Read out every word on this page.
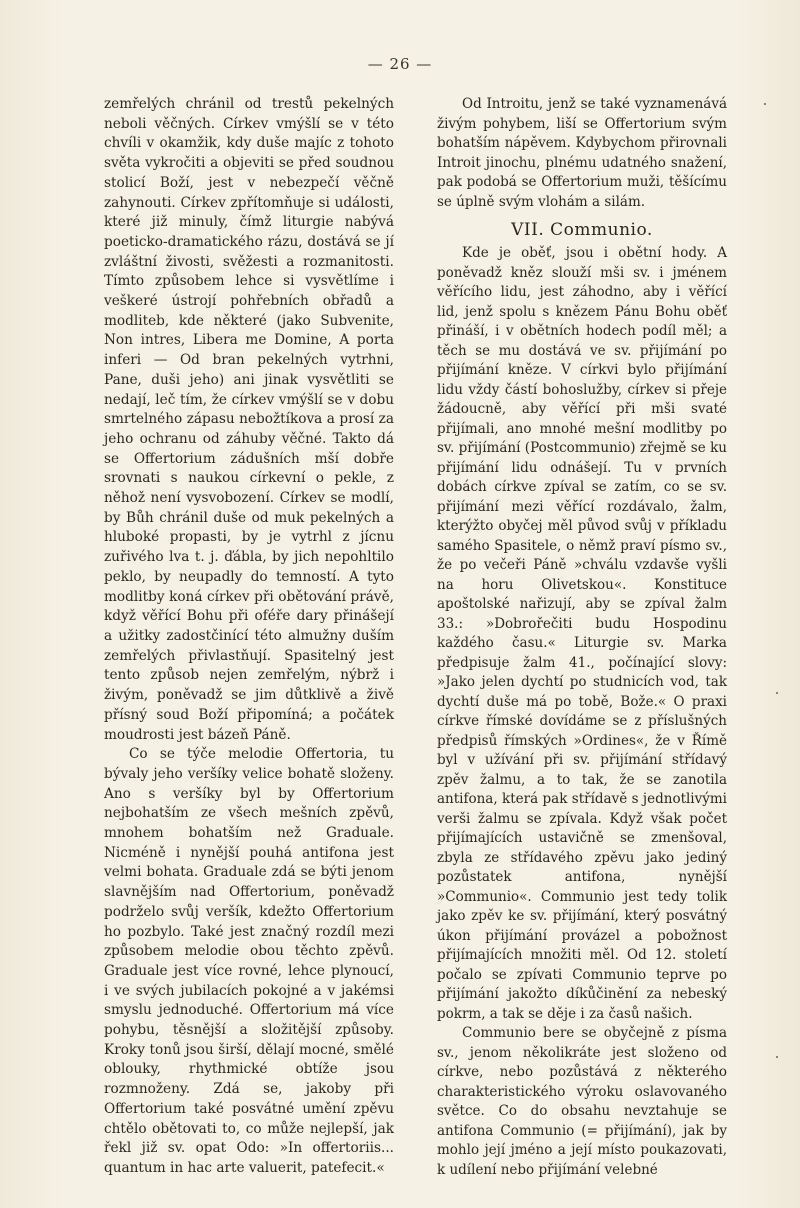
— 26 —

zemřelých chránil od trestů pekelných neboli věčných. Církev vmýšlí se v této chvíli v okamžik, kdy duše majíc z tohoto světa vykročiti a objeviti se před soudnou stolicí Boží, jest v nebezpečí věčně zahynouti. Církev zpřítomňuje si události, které již minuly, čímž liturgie nabývá poeticko-dramatického rázu, dostává se jí zvláštní živosti, svěžesti a rozmanitosti. Tímto způsobem lehce si vysvětlíme i veškeré ústrojí pohřebních obřadů a modliteb, kde některé (jako Subvenite, Non intres, Libera me Domine, A porta inferi — Od bran pekelných vytrhni, Pane, duši jeho) ani jinak vysvětliti se nedají, leč tím, že církev vmýšlí se v dobu smrtelného zápasu nebožtíkova a prosí za jeho ochranu od záhuby věčné. Takto dá se Offertorium zádušních mší dobře srovnati s naukou církevní o pekle, z něhož není vysvobození. Církev se modlí, by Bůh chránil duše od muk pekelných a hluboké propasti, by je vytrhl z jícnu zuřivého lva t. j. ďábla, by jich nepohltilo peklo, by neupadly do temností. A tyto modlitby koná církev při obětování právě, když věřící Bohu při oféře dary přinášejí a užitky zadostčinící této almužny duším zemřelých přivlastňují. Spasitelný jest tento způsob nejen zemřelým, nýbrž i živým, poněvadž se jim důtklivě a živě přísný soud Boží připomíná; a počátek moudrosti jest bázeň Páně.

Co se týče melodie Offertoria, tu bývaly jeho veršíky velice bohatě složeny. Ano s veršíky byl by Offertorium nejbohatším ze všech mešních zpěvů, mnohem bohatším než Graduale. Nicméně i nynější pouhá antifona jest velmi bohata. Graduale zdá se býti jenom slavnějším nad Offertorium, poněvadž podrželo svůj veršík, kdežto Offertorium ho pozbylo. Také jest značný rozdíl mezi způsobem melodie obou těchto zpěvů. Graduale jest více rovné, lehce plynoucí, i ve svých jubilacích pokojné a v jakémsi smyslu jednoduché. Offertorium má více pohybu, těsnější a složitější způsoby. Kroky tonů jsou širší, dělají mocné, smělé oblouky, rhythmické obtíže jsou rozmnoženy. Zdá se, jakoby při Offertorium také posvátné umění zpěvu chtělo obětovati to, co může nejlepší, jak řekl již sv. opat Odo: »In offertoriis... quantum in hac arte valuerit, patefecit.«

Od Introitu, jenž se také vyznamenává živým pohybem, liší se Offertorium svým bohatším nápěvem. Kdybychom přirovnali Introit jinochu, plnému udatného snažení, pak podobá se Offertorium muži, těšícímu se úplně svým vlohám a silám.

VII. Communio.

Kde je oběť, jsou i obětní hody. A poněvadž kněz slouží mši sv. i jménem věřícího lidu, jest záhodno, aby i věřící lid, jenž spolu s knězem Pánu Bohu oběť přináší, i v obětních hodech podíl měl; a těch se mu dostává ve sv. přijímání po přijímání kněze. V církvi bylo přijímání lidu vždy částí bohoslužby, církev si přeje žádoucně, aby věřící při mši svaté přijímali, ano mnohé mešní modlitby po sv. přijímání (Postcommunio) zřejmě se ku přijímání lidu odnášejí. Tu v prvních dobách církve zpíval se zatím, co se sv. přijímání mezi věřící rozdávalo, žalm, kterýžto obyčej měl původ svůj v příkladu samého Spasitele, o němž praví písmo sv., že po večeři Páně »chválu vzdavše vyšli na horu Olivetskou«. Konstituce apoštolské nařizují, aby se zpíval žalm 33.: »Dobrořečiti budu Hospodinu každého času.« Liturgie sv. Marka předpisuje žalm 41., počínající slovy: »Jako jelen dychtí po studnicích vod, tak dychtí duše má po tobě, Bože.« O praxi církve římské dovídáme se z příslušných předpisů římských »Ordines«, že v Římě byl v užívání při sv. přijímání střídavý zpěv žalmu, a to tak, že se zanotila antifona, která pak střídavě s jednotlivými verši žalmu se zpívala. Když však počet přijímajících ustavičně se zmenšoval, zbyla ze střídavého zpěvu jako jediný pozůstatek antifona, nynější »Communio«. Communio jest tedy tolik jako zpěv ke sv. přijímání, který posvátný úkon přijímání provázel a pobožnost přijímajících množiti měl. Od 12. století počalo se zpívati Communio teprve po přijímání jakožto díkůčinění za nebeský pokrm, a tak se děje i za časů našich.

Communio bere se obyčejně z písma sv., jenom několikráte jest složeno od církve, nebo pozůstává z některého charakteristického výroku oslavovaného světce. Co do obsahu nevztahuje se antifona Communio (= přijímání), jak by mohlo její jméno a její místo poukazovati, k udílení nebo přijímání velebné
